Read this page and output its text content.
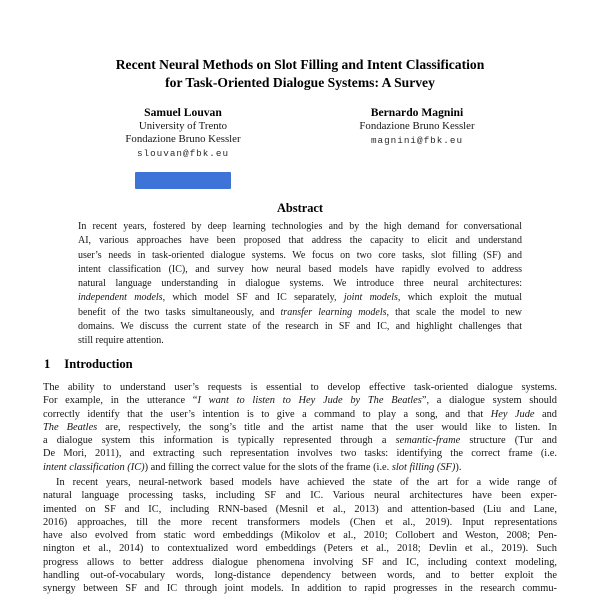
Recent Neural Methods on Slot Filling and Intent Classification
for Task-Oriented Dialogue Systems: A Survey
Samuel Louvan
University of Trento
Fondazione Bruno Kessler
slouvan@fbk.eu
Bernardo Magnini
Fondazione Bruno Kessler
magnini@fbk.eu
Abstract
In recent years, fostered by deep learning technologies and by the high demand for conversational
AI, various approaches have been proposed that address the capacity to elicit and understand
user’s needs in task-oriented dialogue systems. We focus on two core tasks, slot filling (SF) and
intent classification (IC), and survey how neural based models have rapidly evolved to address
natural language understanding in dialogue systems. We introduce three neural architectures:
independent models, which model SF and IC separately, joint models, which exploit the mutual
benefit of the two tasks simultaneously, and transfer learning models, that scale the model to new
domains. We discuss the current state of the research in SF and IC, and highlight challenges that
still require attention.
1 Introduction
The ability to understand user’s requests is essential to develop effective task-oriented dialogue systems.
For example, in the utterance “I want to listen to Hey Jude by The Beatles”, a dialogue system should
correctly identify that the user’s intention is to give a command to play a song, and that Hey Jude and
The Beatles are, respectively, the song’s title and the artist name that the user would like to listen. In
a dialogue system this information is typically represented through a semantic-frame structure (Tur and
De Mori, 2011), and extracting such representation involves two tasks: identifying the correct frame (i.e.
intent classification (IC)) and filling the correct value for the slots of the frame (i.e. slot filling (SF)).
In recent years, neural-network based models have achieved the state of the art for a wide range of
natural language processing tasks, including SF and IC. Various neural architectures have been exper-
imented on SF and IC, including RNN-based (Mesnil et al., 2013) and attention-based (Liu and Lane,
2016) approaches, till the more recent transformers models (Chen et al., 2019). Input representations
have also evolved from static word embeddings (Mikolov et al., 2010; Collobert and Weston, 2008; Pen-
nington et al., 2014) to contextualized word embeddings (Peters et al., 2018; Devlin et al., 2019). Such
progress allows to better address dialogue phenomena involving SF and IC, including context modeling,
handling out-of-vocabulary words, long-distance dependency between words, and to better exploit the
synergy between SF and IC through joint models. In addition to rapid progresses in the research commu-
